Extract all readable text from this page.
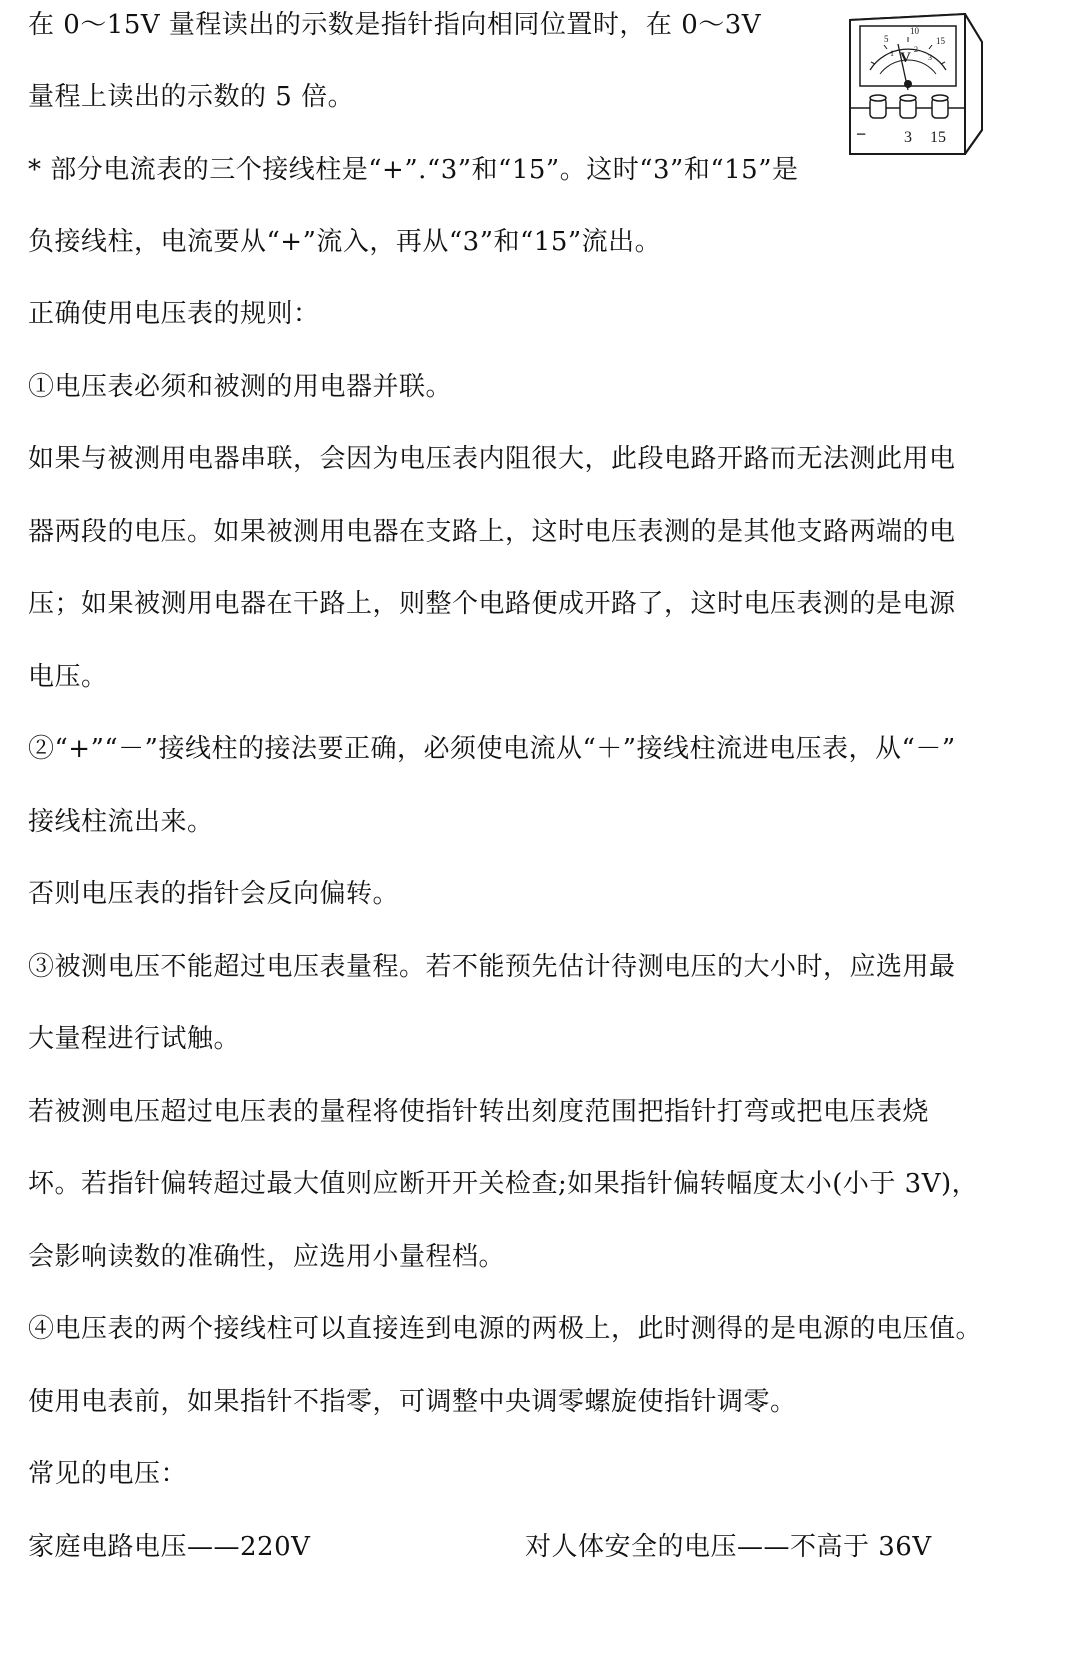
在 0～15V 量程读出的示数是指针指向相同位置时，在 0～3V
量程上读出的示数的 5 倍。
* 部分电流表的三个接线柱是“+”.“3”和“15”。这时“3”和“15”是
负接线柱，电流要从“+”流入，再从“3”和“15”流出。
正确使用电压表的规则：
①电压表必须和被测的用电器并联。
如果与被测用电器串联，会因为电压表内阻很大，此段电路开路而无法测此用电
器两段的电压。如果被测用电器在支路上，这时电压表测的是其他支路两端的电
压；如果被测用电器在干路上，则整个电路便成开路了，这时电压表测的是电源
电压。
②“+”“－”接线柱的接法要正确，必须使电流从“＋”接线柱流进电压表，从“－”
接线柱流出来。
否则电压表的指针会反向偏转。
③被测电压不能超过电压表量程。若不能预先估计待测电压的大小时，应选用最
大量程进行试触。
若被测电压超过电压表的量程将使指针转出刻度范围把指针打弯或把电压表烧
坏。若指针偏转超过最大值则应断开开关检查;如果指针偏转幅度太小(小于 3V)，
会影响读数的准确性，应选用小量程档。
④电压表的两个接线柱可以直接连到电源的两极上，此时测得的是电源的电压值。
使用电表前，如果指针不指零，可调整中央调零螺旋使指针调零。
常见的电压：
家庭电路电压——220V	对人体安全的电压——不高于 36V
V
5
10
15
1	2
3
− 3 15
